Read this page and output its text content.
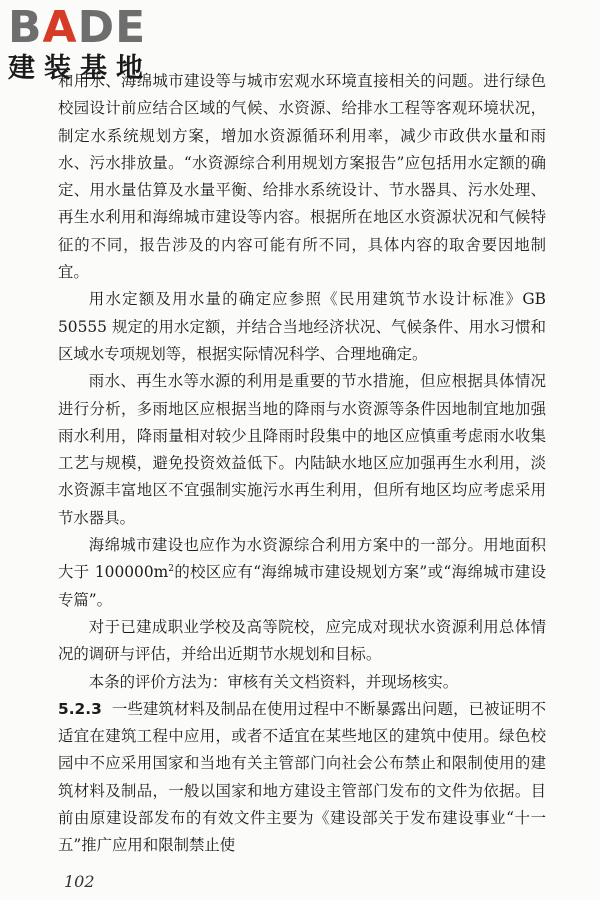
BADE
建装基地

和用水、海绵城市建设等与城市宏观水环境直接相关的问题。进行绿色校园设计前应结合区域的气候、水资源、给排水工程等客观环境状况，制定水系统规划方案，增加水资源循环利用率，减少市政供水量和雨水、污水排放量。“水资源综合利用规划方案报告”应包括用水定额的确定、用水量估算及水量平衡、给排水系统设计、节水器具、污水处理、再生水利用和海绵城市建设等内容。根据所在地区水资源状况和气候特征的不同，报告涉及的内容可能有所不同，具体内容的取舍要因地制宜。

用水定额及用水量的确定应参照《民用建筑节水设计标准》GB 50555 规定的用水定额，并结合当地经济状况、气候条件、用水习惯和区域水专项规划等，根据实际情况科学、合理地确定。

雨水、再生水等水源的利用是重要的节水措施，但应根据具体情况进行分析，多雨地区应根据当地的降雨与水资源等条件因地制宜地加强雨水利用，降雨量相对较少且降雨时段集中的地区应慎重考虑雨水收集工艺与规模，避免投资效益低下。内陆缺水地区应加强再生水利用，淡水资源丰富地区不宜强制实施污水再生利用，但所有地区均应考虑采用节水器具。

海绵城市建设也应作为水资源综合利用方案中的一部分。用地面积大于 $100000m^2$的校区应有“海绵城市建设规划方案”或“海绵城市建设专篇”。

对于已建成职业学校及高等院校，应完成对现状水资源利用总体情况的调研与评估，并给出近期节水规划和目标。

本条的评价方法为：审核有关文档资料，并现场核实。

5.2.3 一些建筑材料及制品在使用过程中不断暴露出问题，已被证明不适宜在建筑工程中应用，或者不适宜在某些地区的建筑中使用。绿色校园中不应采用国家和当地有关主管部门向社会公布禁止和限制使用的建筑材料及制品，一般以国家和地方建设主管部门发布的文件为依据。目前由原建设部发布的有效文件主要为《建设部关于发布建设事业“十一五”推广应用和限制禁止使

102
